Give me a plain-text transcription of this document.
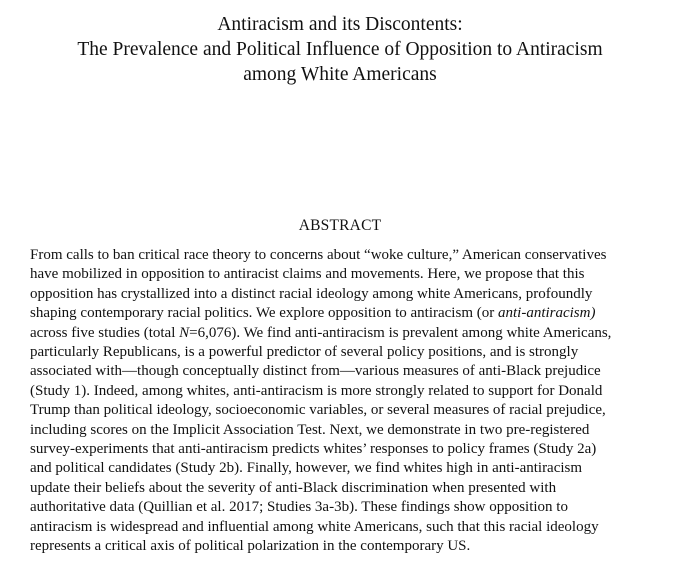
Antiracism and its Discontents:
The Prevalence and Political Influence of Opposition to Antiracism
among White Americans
ABSTRACT
From calls to ban critical race theory to concerns about “woke culture,” American conservatives
have mobilized in opposition to antiracist claims and movements. Here, we propose that this
opposition has crystallized into a distinct racial ideology among white Americans, profoundly
shaping contemporary racial politics. We explore opposition to antiracism (or anti-antiracism)
across five studies (total N=6,076). We find anti-antiracism is prevalent among white Americans,
particularly Republicans, is a powerful predictor of several policy positions, and is strongly
associated with—though conceptually distinct from—various measures of anti-Black prejudice
(Study 1). Indeed, among whites, anti-antiracism is more strongly related to support for Donald
Trump than political ideology, socioeconomic variables, or several measures of racial prejudice,
including scores on the Implicit Association Test. Next, we demonstrate in two pre-registered
survey-experiments that anti-antiracism predicts whites’ responses to policy frames (Study 2a)
and political candidates (Study 2b). Finally, however, we find whites high in anti-antiracism
update their beliefs about the severity of anti-Black discrimination when presented with
authoritative data (Quillian et al. 2017; Studies 3a-3b). These findings show opposition to
antiracism is widespread and influential among white Americans, such that this racial ideology
represents a critical axis of political polarization in the contemporary US.
